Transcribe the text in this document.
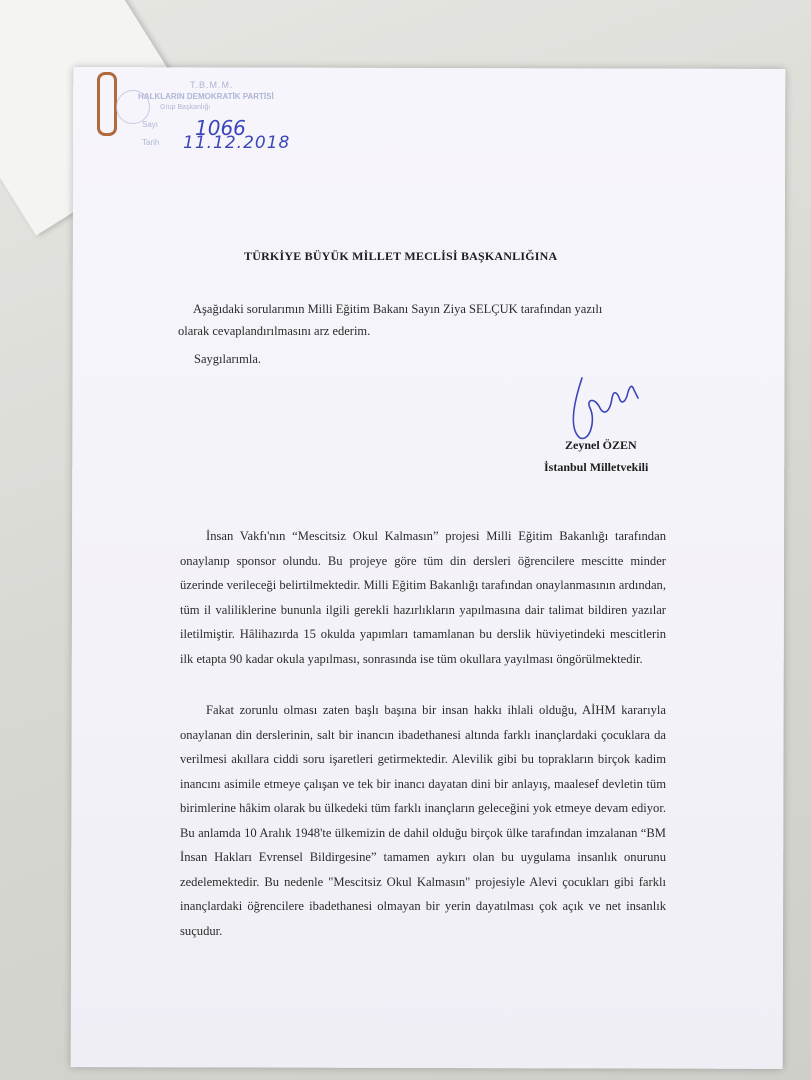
T.B.M.M.
HALKLARIN DEMOKRATİK PARTİSİ
Grup Başkanlığı
Sayı
Tarih
1066
11.12.2018
TÜRKİYE BÜYÜK MİLLET MECLİSİ BAŞKANLIĞINA
Aşağıdaki sorularımın Milli Eğitim Bakanı Sayın Ziya SELÇUK tarafından yazılı
olarak cevaplandırılmasını arz ederim.
Saygılarımla.
Zeynel ÖZEN
İstanbul Milletvekili
İnsan Vakfı'nın “Mescitsiz Okul Kalmasın” projesi Milli Eğitim Bakanlığı tarafından onaylanıp sponsor olundu. Bu projeye göre tüm din dersleri öğrencilere mescitte minder üzerinde verileceği belirtilmektedir. Milli Eğitim Bakanlığı tarafından onaylanmasının ardından, tüm il valiliklerine bununla ilgili gerekli hazırlıkların yapılmasına dair talimat bildiren yazılar iletilmiştir. Hâlihazırda 15 okulda yapımları tamamlanan bu derslik hüviyetindeki mescitlerin ilk etapta 90 kadar okula yapılması, sonrasında ise tüm okullara yayılması öngörülmektedir.
Fakat zorunlu olması zaten başlı başına bir insan hakkı ihlali olduğu, AİHM kararıyla onaylanan din derslerinin, salt bir inancın ibadethanesi altında farklı inançlardaki çocuklara da verilmesi akıllara ciddi soru işaretleri getirmektedir. Alevilik gibi bu toprakların birçok kadim inancını asimile etmeye çalışan ve tek bir inancı dayatan dini bir anlayış, maalesef devletin tüm birimlerine hâkim olarak bu ülkedeki tüm farklı inançların geleceğini yok etmeye devam ediyor. Bu anlamda 10 Aralık 1948'te ülkemizin de dahil olduğu birçok ülke tarafından imzalanan “BM İnsan Hakları Evrensel Bildirgesine” tamamen aykırı olan bu uygulama insanlık onurunu zedelemektedir. Bu nedenle "Mescitsiz Okul Kalmasın" projesiyle Alevi çocukları gibi farklı inançlardaki öğrencilere ibadethanesi olmayan bir yerin dayatılması çok açık ve net insanlık suçudur.
